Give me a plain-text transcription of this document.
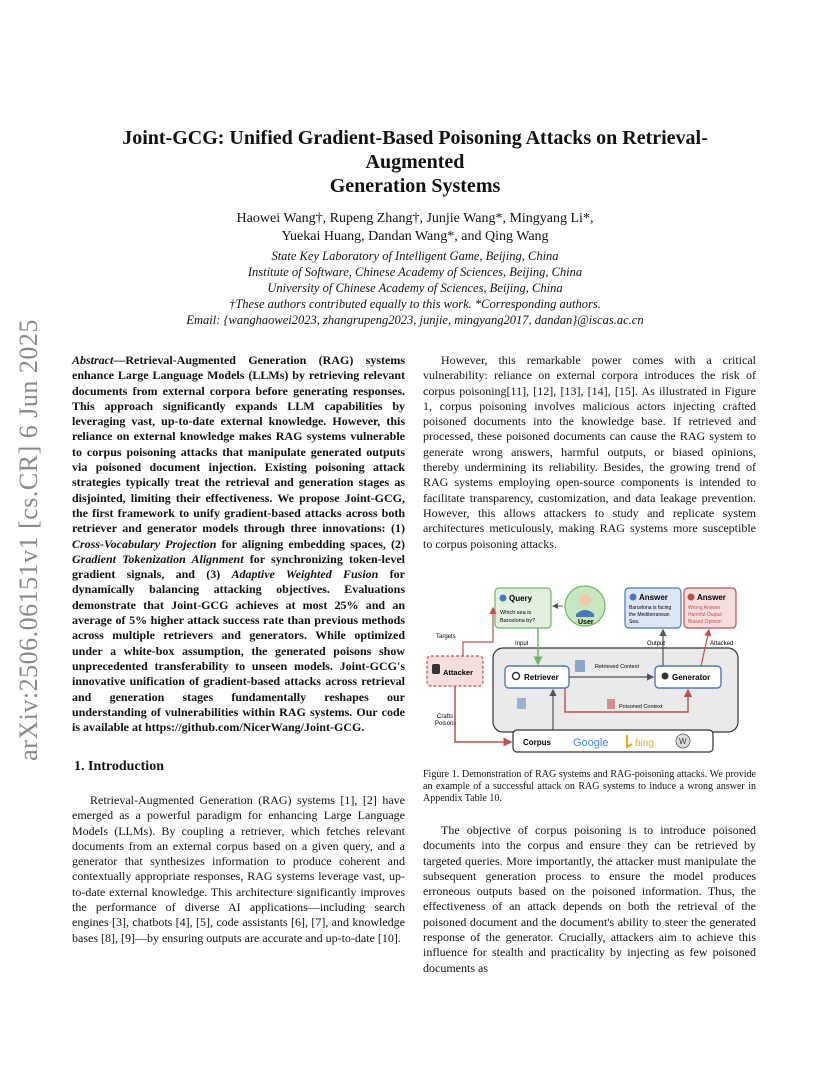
arXiv:2506.06151v1 [cs.CR] 6 Jun 2025
Joint-GCG: Unified Gradient-Based Poisoning Attacks on Retrieval-Augmented
Generation Systems
Haowei Wang†, Rupeng Zhang†, Junjie Wang*, Mingyang Li*,
Yuekai Huang, Dandan Wang*, and Qing Wang
State Key Laboratory of Intelligent Game, Beijing, China
Institute of Software, Chinese Academy of Sciences, Beijing, China
University of Chinese Academy of Sciences, Beijing, China
†These authors contributed equally to this work. *Corresponding authors.
Email: {wanghaowei2023, zhangrupeng2023, junjie, mingyang2017, dandan}@iscas.ac.cn
Abstract—Retrieval-Augmented Generation (RAG) systems enhance Large Language Models (LLMs) by retrieving relevant documents from external corpora before generating responses. This approach significantly expands LLM capabilities by leveraging vast, up-to-date external knowledge. However, this reliance on external knowledge makes RAG systems vulnerable to corpus poisoning attacks that manipulate generated outputs via poisoned document injection. Existing poisoning attack strategies typically treat the retrieval and generation stages as disjointed, limiting their effectiveness. We propose Joint-GCG, the first framework to unify gradient-based attacks across both retriever and generator models through three innovations: (1) Cross-Vocabulary Projection for aligning embedding spaces, (2) Gradient Tokenization Alignment for synchronizing token-level gradient signals, and (3) Adaptive Weighted Fusion for dynamically balancing attacking objectives. Evaluations demonstrate that Joint-GCG achieves at most 25% and an average of 5% higher attack success rate than previous methods across multiple retrievers and generators. While optimized under a white-box assumption, the generated poisons show unprecedented transferability to unseen models. Joint-GCG's innovative unification of gradient-based attacks across retrieval and generation stages fundamentally reshapes our understanding of vulnerabilities within RAG systems. Our code is available at https://github.com/NicerWang/Joint-GCG.
1. Introduction
Retrieval-Augmented Generation (RAG) systems [1], [2] have emerged as a powerful paradigm for enhancing Large Language Models (LLMs). By coupling a retriever, which fetches relevant documents from an external corpus based on a given query, and a generator that synthesizes information to produce coherent and contextually appropriate responses, RAG systems leverage vast, up-to-date external knowledge. This architecture significantly improves the performance of diverse AI applications—including search engines [3], chatbots [4], [5], code assistants [6], [7], and knowledge bases [8], [9]—by ensuring outputs are accurate and up-to-date [10].
However, this remarkable power comes with a critical vulnerability: reliance on external corpora introduces the risk of corpus poisoning[11], [12], [13], [14], [15]. As illustrated in Figure 1, corpus poisoning involves malicious actors injecting crafted poisoned documents into the knowledge base. If retrieved and processed, these poisoned documents can cause the RAG system to generate wrong answers, harmful outputs, or biased opinions, thereby undermining its reliability. Besides, the growing trend of RAG systems employing open-source components is intended to facilitate transparency, customization, and data leakage prevention. However, this allows attackers to study and replicate system architectures meticulously, making RAG systems more susceptible to corpus poisoning attacks.
Query
Which sea is
Barcelona by?	User
Answer
Barcelona is facing
the Mediterranean
Sea.
Answer
Wrong Answer
Harmful Output
Biased Opinion
Input	Output	Attacked
Attacker
Targets
Crafts
Poisons
Retriever
Retrieved Context
Generator
Poisoned Context
Corpus Google	bing	W
Figure 1. Demonstration of RAG systems and RAG-poisoning attacks. We provide an example of a successful attack on RAG systems to induce a wrong answer in Appendix Table 10.
The objective of corpus poisoning is to introduce poisoned documents into the corpus and ensure they can be retrieved by targeted queries. More importantly, the attacker must manipulate the subsequent generation process to ensure the model produces erroneous outputs based on the poisoned information. Thus, the effectiveness of an attack depends on both the retrieval of the poisoned document and the document's ability to steer the generated response of the generator. Crucially, attackers aim to achieve this influence for stealth and practicality by injecting as few poisoned documents as
